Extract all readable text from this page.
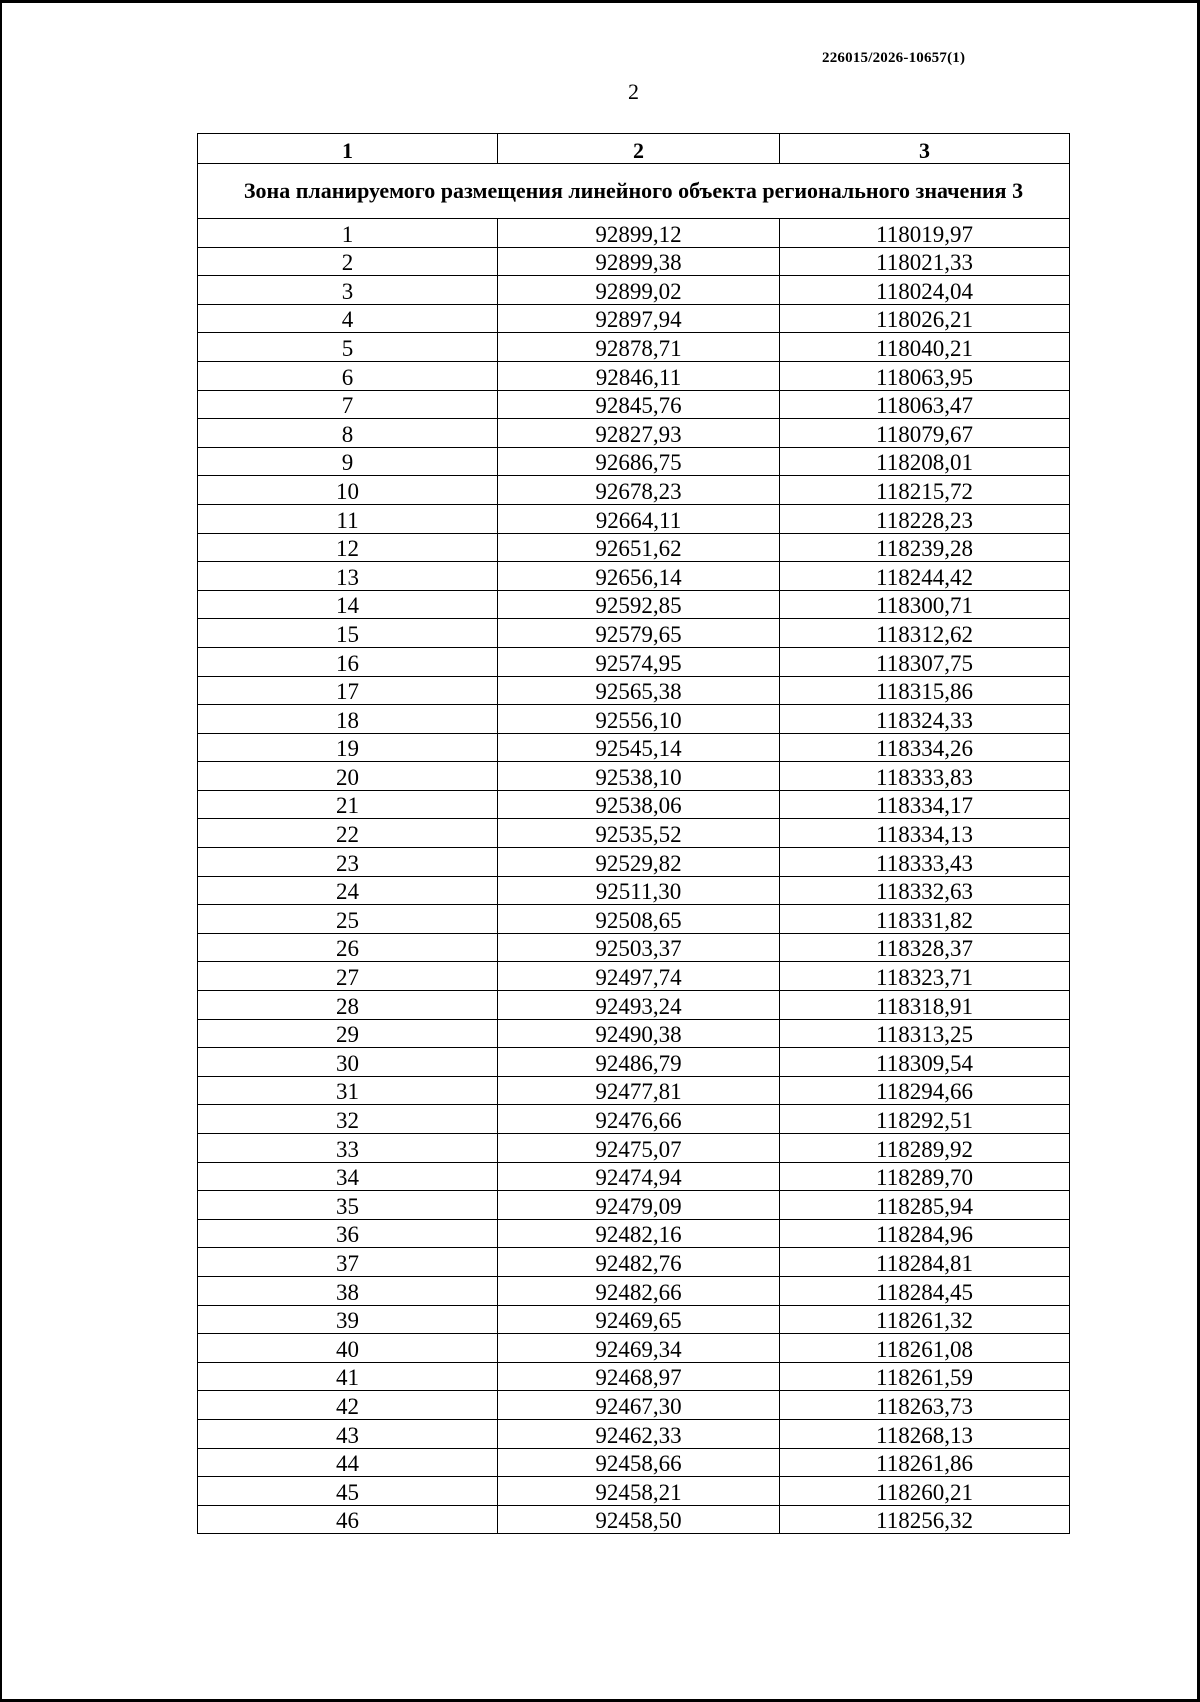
226015/2026-10657(1)
2
1	2	3
Зона планируемого размещения линейного объекта регионального значения 3		
1	92899,12	118019,97
2	92899,38	118021,33
3	92899,02	118024,04
4	92897,94	118026,21
5	92878,71	118040,21
6	92846,11	118063,95
7	92845,76	118063,47
8	92827,93	118079,67
9	92686,75	118208,01
10	92678,23	118215,72
11	92664,11	118228,23
12	92651,62	118239,28
13	92656,14	118244,42
14	92592,85	118300,71
15	92579,65	118312,62
16	92574,95	118307,75
17	92565,38	118315,86
18	92556,10	118324,33
19	92545,14	118334,26
20	92538,10	118333,83
21	92538,06	118334,17
22	92535,52	118334,13
23	92529,82	118333,43
24	92511,30	118332,63
25	92508,65	118331,82
26	92503,37	118328,37
27	92497,74	118323,71
28	92493,24	118318,91
29	92490,38	118313,25
30	92486,79	118309,54
31	92477,81	118294,66
32	92476,66	118292,51
33	92475,07	118289,92
34	92474,94	118289,70
35	92479,09	118285,94
36	92482,16	118284,96
37	92482,76	118284,81
38	92482,66	118284,45
39	92469,65	118261,32
40	92469,34	118261,08
41	92468,97	118261,59
42	92467,30	118263,73
43	92462,33	118268,13
44	92458,66	118261,86
45	92458,21	118260,21
46	92458,50	118256,32
